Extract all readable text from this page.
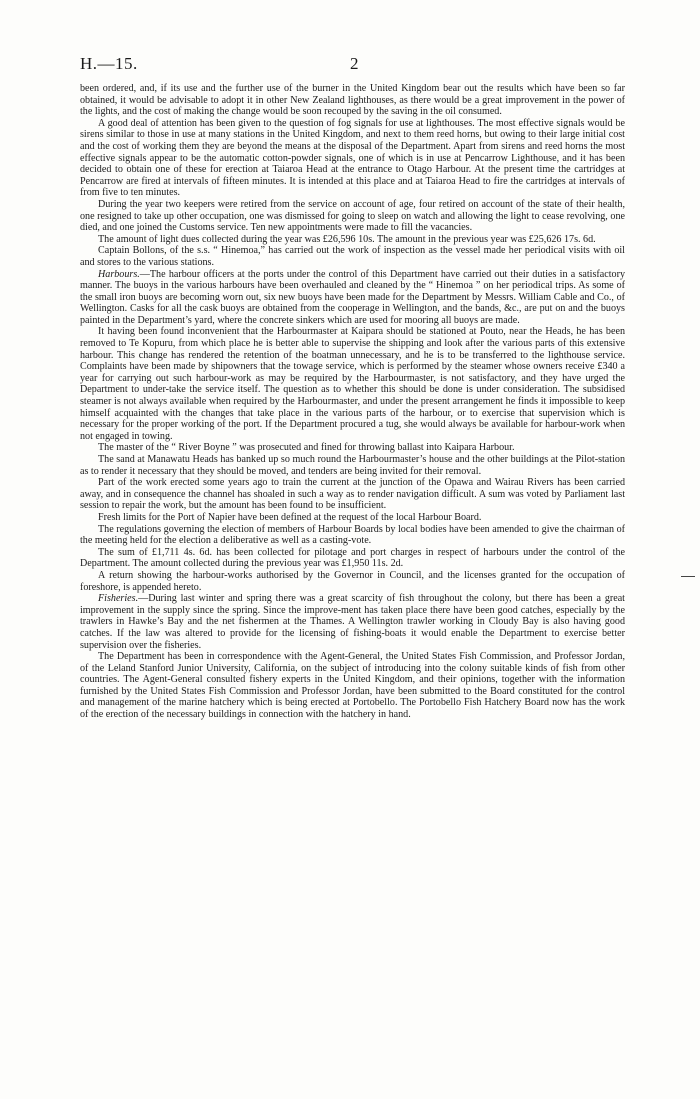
H.—15.	2

been ordered, and, if its use and the further use of the burner in the United Kingdom bear out the results which have been so far obtained, it would be advisable to adopt it in other New Zealand lighthouses, as there would be a great improvement in the power of the lights, and the cost of making the change would be soon recouped by the saving in the oil consumed.

A good deal of attention has been given to the question of fog signals for use at lighthouses. The most effective signals would be sirens similar to those in use at many stations in the United Kingdom, and next to them reed horns, but owing to their large initial cost and the cost of working them they are beyond the means at the disposal of the Department. Apart from sirens and reed horns the most effective signals appear to be the automatic cotton-powder signals, one of which is in use at Pencarrow Lighthouse, and it has been decided to obtain one of these for erection at Taiaroa Head at the entrance to Otago Harbour. At the present time the cartridges at Pencarrow are fired at intervals of fifteen minutes. It is intended at this place and at Taiaroa Head to fire the cartridges at intervals of from five to ten minutes.

During the year two keepers were retired from the service on account of age, four retired on account of the state of their health, one resigned to take up other occupation, one was dismissed for going to sleep on watch and allowing the light to cease revolving, one died, and one joined the Customs service. Ten new appointments were made to fill the vacancies.

The amount of light dues collected during the year was £26,596 10s. The amount in the previous year was £25,626 17s. 6d.

Captain Bollons, of the s.s. “ Hinemoa,” has carried out the work of inspection as the vessel made her periodical visits with oil and stores to the various stations.

Harbours.—The harbour officers at the ports under the control of this Department have carried out their duties in a satisfactory manner. The buoys in the various harbours have been overhauled and cleaned by the “ Hinemoa ” on her periodical trips. As some of the small iron buoys are becoming worn out, six new buoys have been made for the Department by Messrs. William Cable and Co., of Wellington. Casks for all the cask buoys are obtained from the cooperage in Wellington, and the bands, &c., are put on and the buoys painted in the Department’s yard, where the concrete sinkers which are used for mooring all buoys are made.

It having been found inconvenient that the Harbourmaster at Kaipara should be stationed at Pouto, near the Heads, he has been removed to Te Kopuru, from which place he is better able to supervise the shipping and look after the various parts of this extensive harbour. This change has rendered the retention of the boatman unnecessary, and he is to be transferred to the lighthouse service. Complaints have been made by shipowners that the towage service, which is performed by the steamer whose owners receive £340 a year for carrying out such harbour-work as may be required by the Harbourmaster, is not satisfactory, and they have urged the Department to under-take the service itself. The question as to whether this should be done is under consideration. The subsidised steamer is not always available when required by the Harbourmaster, and under the present arrangement he finds it impossible to keep himself acquainted with the changes that take place in the various parts of the harbour, or to exercise that supervision which is necessary for the proper working of the port. If the Department procured a tug, she would always be available for harbour-work when not engaged in towing.

The master of the “ River Boyne ” was prosecuted and fined for throwing ballast into Kaipara Harbour.

The sand at Manawatu Heads has banked up so much round the Harbourmaster’s house and the other buildings at the Pilot-station as to render it necessary that they should be moved, and tenders are being invited for their removal.

Part of the work erected some years ago to train the current at the junction of the Opawa and Wairau Rivers has been carried away, and in consequence the channel has shoaled in such a way as to render navigation difficult. A sum was voted by Parliament last session to repair the work, but the amount has been found to be insufficient.

Fresh limits for the Port of Napier have been defined at the request of the local Harbour Board.

The regulations governing the election of members of Harbour Boards by local bodies have been amended to give the chairman of the meeting held for the election a deliberative as well as a casting-vote.

The sum of £1,711 4s. 6d. has been collected for pilotage and port charges in respect of harbours under the control of the Department. The amount collected during the previous year was £1,950 11s. 2d.

A return showing the harbour-works authorised by the Governor in Council, and the licenses granted for the occupation of foreshore, is appended hereto.

Fisheries.—During last winter and spring there was a great scarcity of fish throughout the colony, but there has been a great improvement in the supply since the spring. Since the improve-ment has taken place there have been good catches, especially by the trawlers in Hawke’s Bay and the net fishermen at the Thames. A Wellington trawler working in Cloudy Bay is also having good catches. If the law was altered to provide for the licensing of fishing-boats it would enable the Department to exercise better supervision over the fisheries.

The Department has been in correspondence with the Agent-General, the United States Fish Commission, and Professor Jordan, of the Leland Stanford Junior University, California, on the subject of introducing into the colony suitable kinds of fish from other countries. The Agent-General consulted fishery experts in the United Kingdom, and their opinions, together with the information furnished by the United States Fish Commission and Professor Jordan, have been submitted to the Board constituted for the control and management of the marine hatchery which is being erected at Portobello. The Portobello Fish Hatchery Board now has the work of the erection of the necessary buildings in connection with the hatchery in hand.
